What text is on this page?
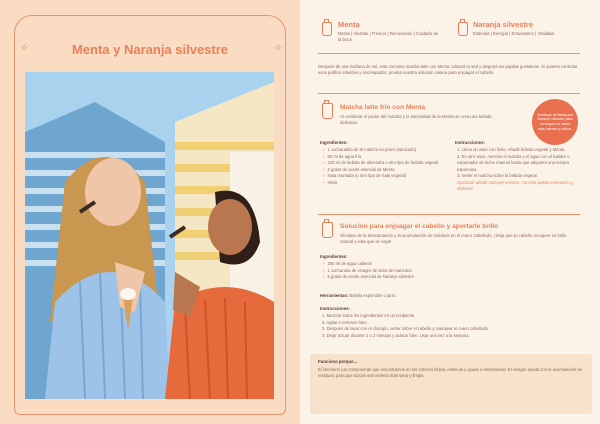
✧	✧
Menta y Naranja silvestre
Menta
Menta | Hierbas | Frescor | Renovación | Cuidado de la boca
Naranja silvestre
Estimula | Energía | Entusiasmo | Vitalidad
Después de una mañana de sol, esta cremosa matcha latte con Menta calmará tu sed y alegrará tus papilas gustativas. Si quieres controlar esos pelillos rebeldes y encrespados, prueba nuestra solución casera para enjuagar el cabello.
Matcha latte frío con Menta
Al combinar el poder del matcha y la intensidad de la Menta se crea una bebida deliciosa.
Sustituye la Menta por Naranja silvestre para conseguir un sabor más intenso y cítrico.
Ingredientes:
✧ 1 cucharadita de té matcha en polvo (tamizado)
✧ 55 ml de agua fría
✧ 220 ml de bebida de almendra u otro tipo de bebida vegetal
✧ 2 gotas de aceite esencial de Menta
✧ Nata montada (u otro tipo de nata vegetal)
✧ Hielo
Instrucciones:
1. Llena un vaso con hielo. Añadir bebida vegetal y Menta.
2. En otro vaso, mezclar el matcha y el agua con el batidor o espumador de leche manual hasta que adquiera una textura espumosa.
3. Verter el matcha sobre la bebida vegetal.
Opcional: añadir nata por encima. ¡Ya solo queda removerla ¡y disfrutar!
Solución para enjuagar el cabello y aportarle brillo
Olvídate de la descamación y la acumulación de residuos en el cuero cabelludo. ¡Deja que tu cabello recupere su brillo natural y esta que se vaya!
Ingredientes:
✧ 250 ml de agua caliente
✧ 1 cucharada de vinagre de sidra de manzana
✧ 5 gotas de aceite esencial de Naranja silvestre
Herramientas: Botella exprimible o jarra
Instrucciones:
1. Mezclar todos los ingredientes en un recipiente.
2. Agitar o remover bien.
3. Después de lavar con el champú, verter sobre el cabello y masajear el cuero cabelludo.
4. Dejar actuar durante 2 o 3 minutos y aclarar bien. Usar una vez a la semana.
Funciona porque...
El limoneno (un componente que encontramos en los cítricos) limpia, estimula y ayuda a desintoxicar. El vinagre ayuda con la acumulación de residuos, para que luzcas una melena más sana y limpia.
